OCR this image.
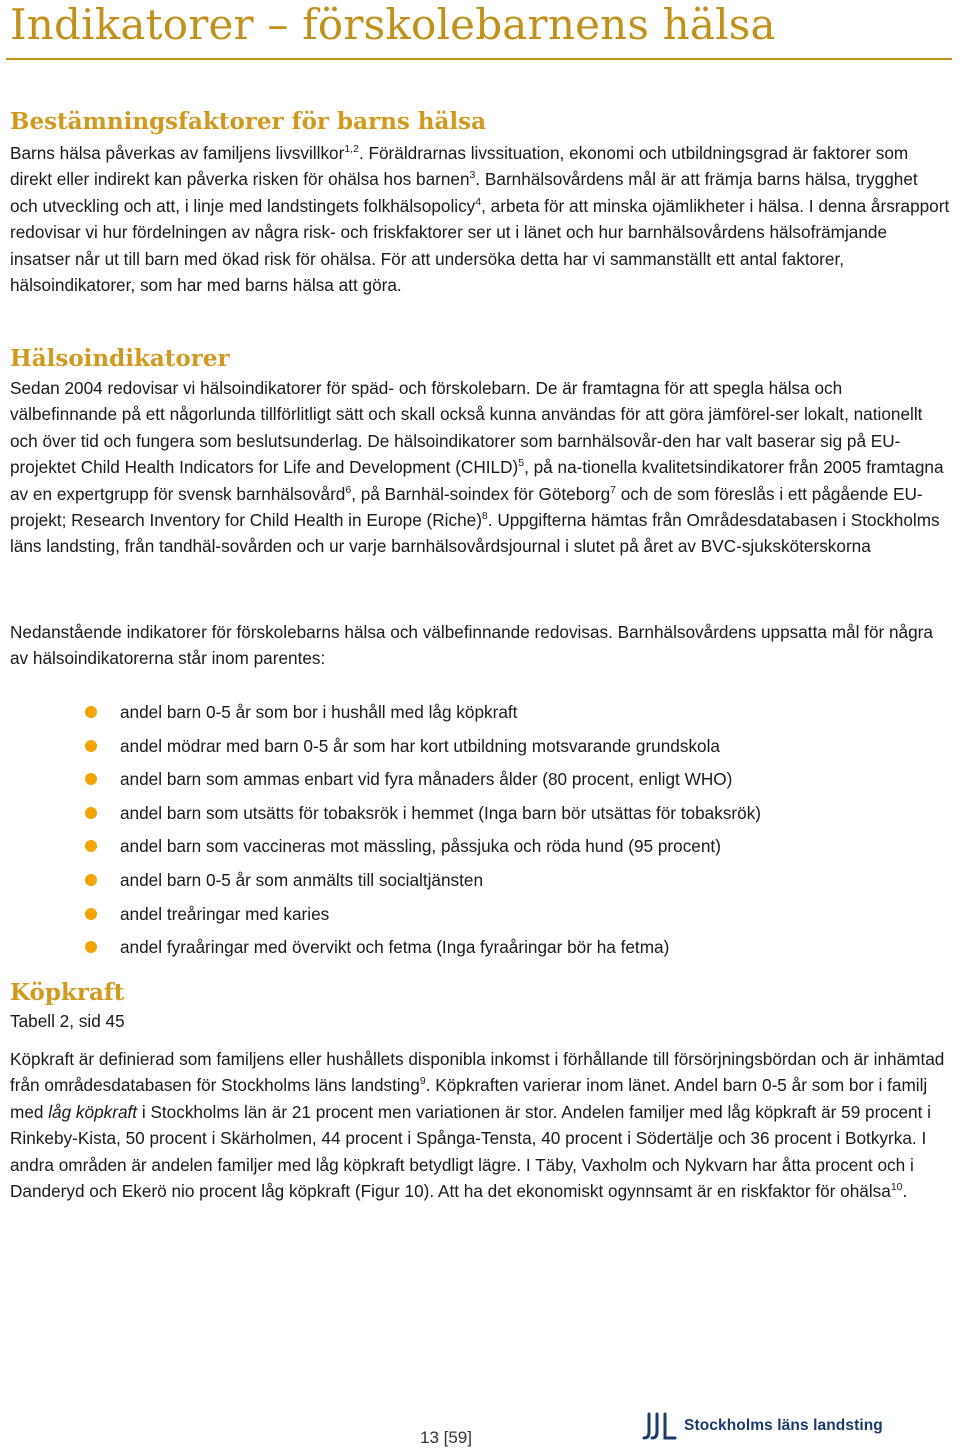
Indikatorer – förskolebarnens hälsa
Bestämningsfaktorer för barns hälsa

Barns hälsa påverkas av familjens livsvillkor$^{1,2}$. Föräldrarnas livssituation, ekonomi och utbildningsgrad är faktorer som direkt eller indirekt kan påverka risken för ohälsa hos barnen$^3$. Barnhälsovårdens mål är att främja barns hälsa, trygghet och utveckling och att, i linje med landstingets folkhälsopolicy$^4$, arbeta för att minska ojämlikheter i hälsa. I denna årsrapport redovisar vi hur fördelningen av några risk- och friskfaktorer ser ut i länet och hur barnhälsovårdens hälsofrämjande insatser når ut till barn med ökad risk för ohälsa. För att undersöka detta har vi sammanställt ett antal faktorer, hälsoindikatorer, som har med barns hälsa att göra.

Hälsoindikatorer

Sedan 2004 redovisar vi hälsoindikatorer för späd- och förskolebarn. De är framtagna för att spegla hälsa och välbefinnande på ett någorlunda tillförlitligt sätt och skall också kunna användas för att göra jämförel-ser lokalt, nationellt och över tid och fungera som beslutsunderlag. De hälsoindikatorer som barnhälsovår-den har valt baserar sig på EU-projektet Child Health Indicators for Life and Development (CHILD)$^5$, på na-tionella kvalitetsindikatorer från 2005 framtagna av en expertgrupp för svensk barnhälsovård$^6$, på Barnhäl-soindex för Göteborg$^7$ och de som föreslås i ett pågående EU-projekt; Research Inventory for Child Health in Europe (Riche)$^8$. Uppgifterna hämtas från Områdesdatabasen i Stockholms läns landsting, från tandhäl-sovården och ur varje barnhälsovårdsjournal i slutet på året av BVC-sjuksköterskorna

Nedanstående indikatorer för förskolebarns hälsa och välbefinnande redovisas. Barnhälsovårdens uppsatta mål för några av hälsoindikatorerna står inom parentes:

andel barn 0-5 år som bor i hushåll med låg köpkraft
andel mödrar med barn 0-5 år som har kort utbildning motsvarande grundskola
andel barn som ammas enbart vid fyra månaders ålder (80 procent, enligt WHO)
andel barn som utsätts för tobaksrök i hemmet (Inga barn bör utsättas för tobaksrök)
andel barn som vaccineras mot mässling, påssjuka och röda hund (95 procent)
andel barn 0-5 år som anmälts till socialtjänsten
andel treåringar med karies
andel fyraåringar med övervikt och fetma (Inga fyraåringar bör ha fetma)
Köpkraft

Tabell 2, sid 45

Köpkraft är definierad som familjens eller hushållets disponibla inkomst i förhållande till försörjningsbördan och är inhämtad från områdesdatabasen för Stockholms läns landsting$^9$. Köpkraften varierar inom länet. Andel barn 0-5 år som bor i familj med låg köpkraft i Stockholms län är 21 procent men variationen är stor. Andelen familjer med låg köpkraft är 59 procent i Rinkeby-Kista, 50 procent i Skärholmen, 44 procent i Spånga-Tensta, 40 procent i Södertälje och 36 procent i Botkyrka. I andra områden är andelen familjer med låg köpkraft betydligt lägre. I Täby, Vaxholm och Nykvarn har åtta procent och i Danderyd och Ekerö nio procent låg köpkraft (Figur 10). Att ha det ekonomiskt ogynnsamt är en riskfaktor för ohälsa$^{10}$.

13 [59]
Stockholms läns landsting
